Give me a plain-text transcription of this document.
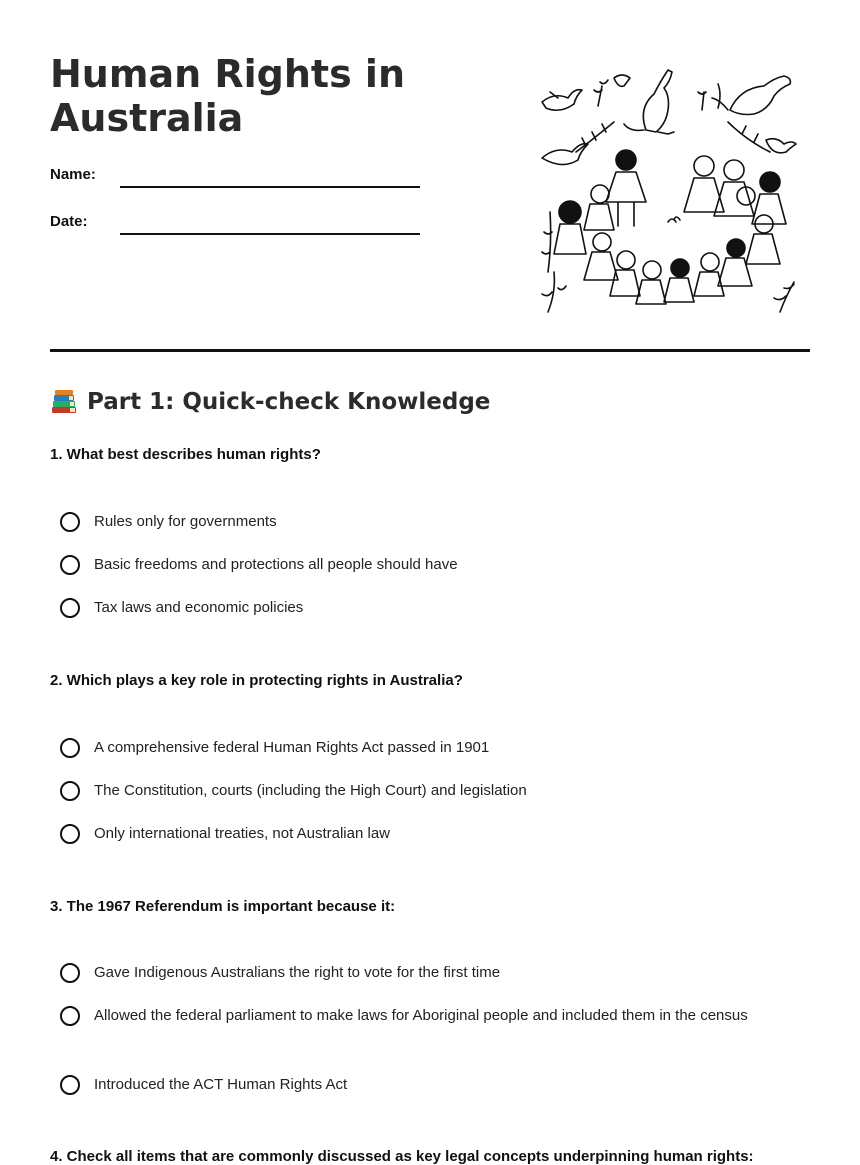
Human Rights in Australia
Name:
Date:
Part 1: Quick-check Knowledge
1. What best describes human rights?
Rules only for governments
Basic freedoms and protections all people should have
Tax laws and economic policies
2. Which plays a key role in protecting rights in Australia?
A comprehensive federal Human Rights Act passed in 1901
The Constitution, courts (including the High Court) and legislation
Only international treaties, not Australian law
3. The 1967 Referendum is important because it:
Gave Indigenous Australians the right to vote for the first time
Allowed the federal parliament to make laws for Aboriginal people and included them in the census
Introduced the ACT Human Rights Act
4. Check all items that are commonly discussed as key legal concepts underpinning human rights:
